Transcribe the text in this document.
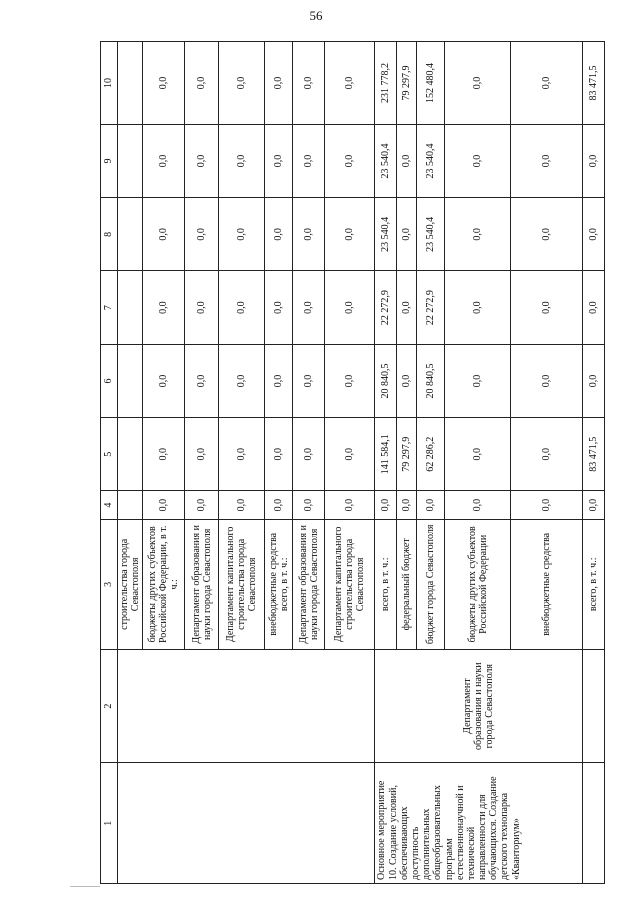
56
1	2	3	4	5	6	7	8	9	10
		строительства города Севастополя							
		бюджеты других субъектов Российской Федерации, в т. ч.:	0,0	0,0	0,0	0,0	0,0	0,0	0,0
		Департамент образования и науки города Севастополя	0,0	0,0	0,0	0,0	0,0	0,0	0,0
		Департамент капитального строительства города Севастополя	0,0	0,0	0,0	0,0	0,0	0,0	0,0
		внебюджетные средства всего, в т. ч.:	0,0	0,0	0,0	0,0	0,0	0,0	0,0
		Департамент образования и науки города Севастополя	0,0	0,0	0,0	0,0	0,0	0,0	0,0
		Департамент капитального строительства города Севастополя	0,0	0,0	0,0	0,0	0,0	0,0	0,0
Основное мероприятие 10. Создание условий, обеспечивающих доступность дополнительных общеобразовательных программ естественнонаучной и технической направленности для обучающихся. Создание детского технопарка «Кванториум»	Департамент образования и науки города Севастополя	всего, в т. ч.:	0,0	141 584,1	20 840,5	22 272,9	23 540,4	23 540,4	231 778,2
		федеральный бюджет	0,0	79 297,9	0,0	0,0	0,0	0,0	79 297,9
		бюджет города Севастополя	0,0	62 286,2	20 840,5	22 272,9	23 540,4	23 540,4	152 480,4
		бюджеты других субъектов Российской Федерации	0,0	0,0	0,0	0,0	0,0	0,0	0,0
		внебюджетные средства	0,0	0,0	0,0	0,0	0,0	0,0	0,0
		всего, в т. ч.:	0,0	83 471,5	0,0	0,0	0,0	0,0	83 471,5
